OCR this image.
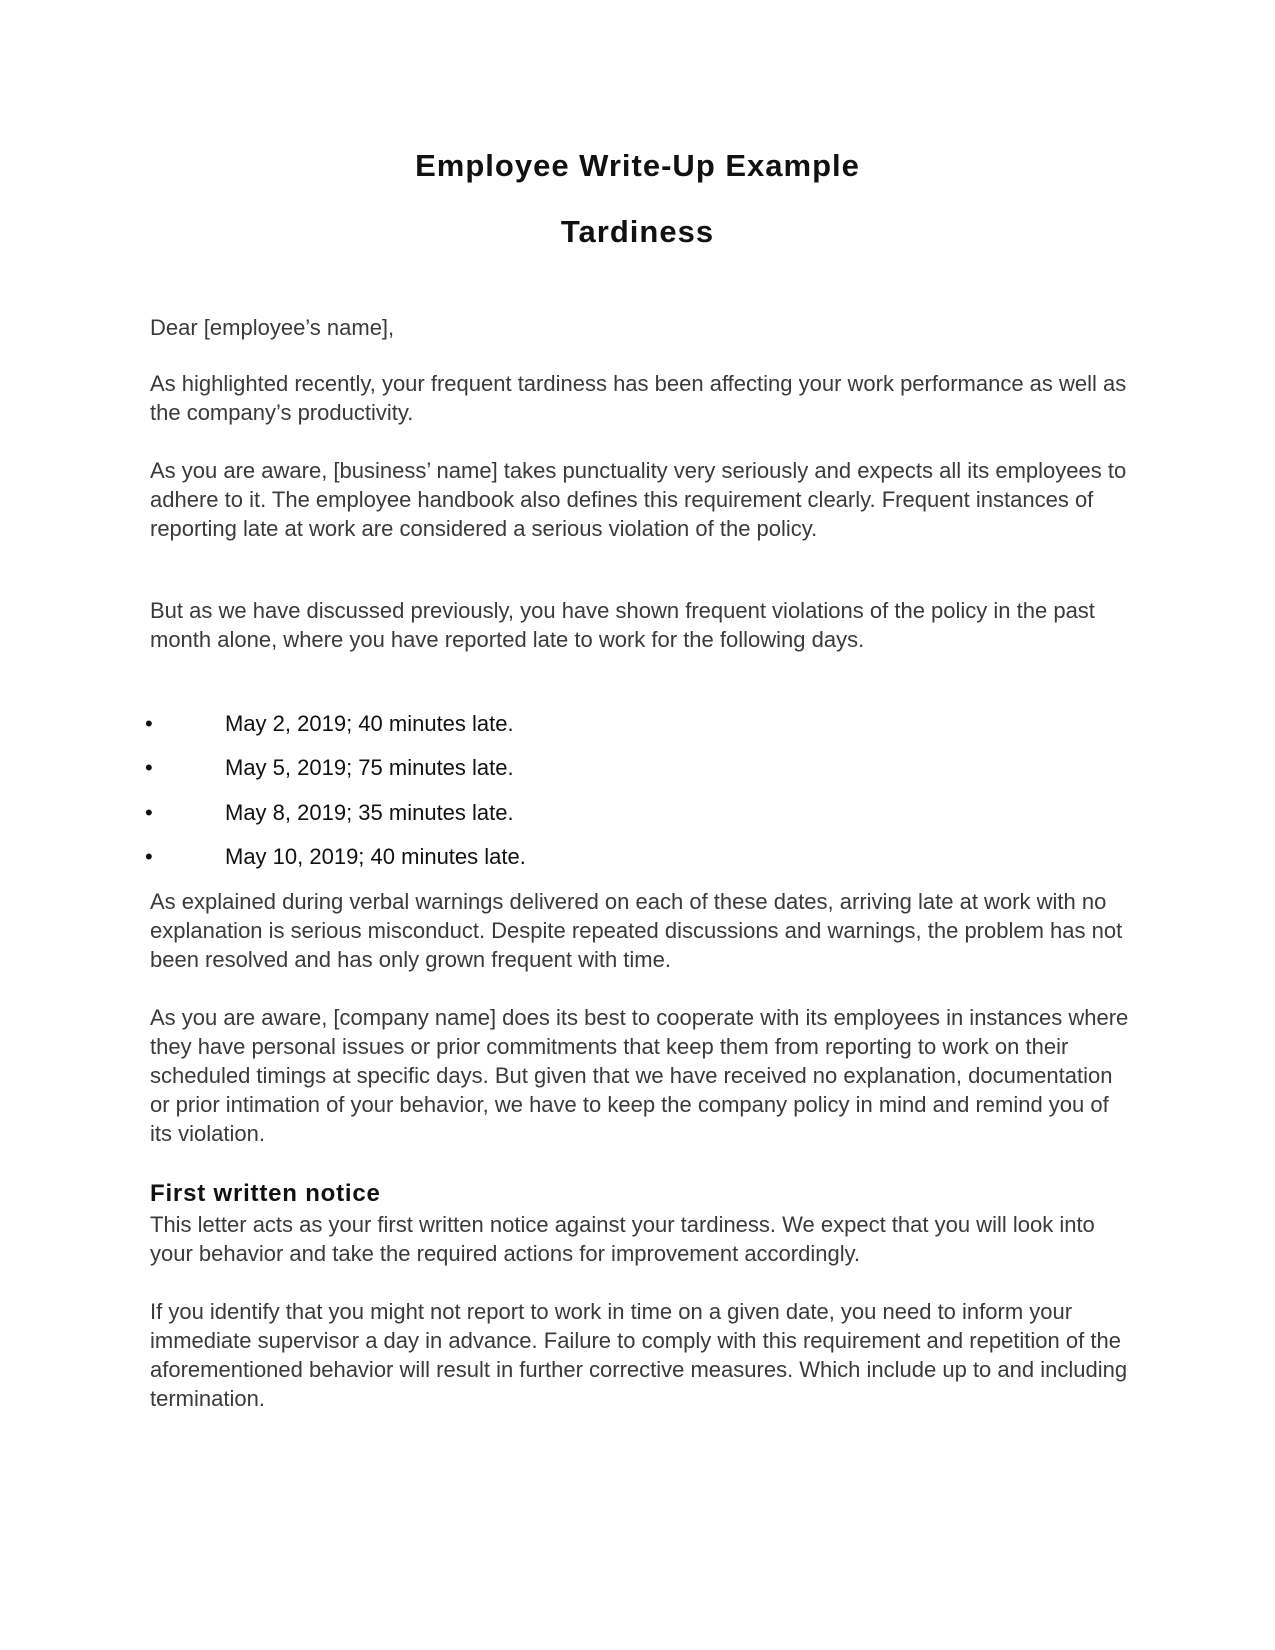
Employee Write-Up Example
Tardiness

Dear [employee’s name],

As highlighted recently, your frequent tardiness has been affecting your work performance as well as the company’s productivity.

As you are aware, [business’ name] takes punctuality very seriously and expects all its employees to adhere to it. The employee handbook also defines this requirement clearly. Frequent instances of reporting late at work are considered a serious violation of the policy.

But as we have discussed previously, you have shown frequent violations of the policy in the past month alone, where you have reported late to work for the following days.

•	May 2, 2019; 40 minutes late.
•	May 5, 2019; 75 minutes late.
•	May 8, 2019; 35 minutes late.
•	May 10, 2019; 40 minutes late.

As explained during verbal warnings delivered on each of these dates, arriving late at work with no explanation is serious misconduct. Despite repeated discussions and warnings, the problem has not been resolved and has only grown frequent with time.

As you are aware, [company name] does its best to cooperate with its employees in instances where they have personal issues or prior commitments that keep them from reporting to work on their scheduled timings at specific days. But given that we have received no explanation, documentation or prior intimation of your behavior, we have to keep the company policy in mind and remind you of its violation.

First written notice

This letter acts as your first written notice against your tardiness. We expect that you will look into your behavior and take the required actions for improvement accordingly.

If you identify that you might not report to work in time on a given date, you need to inform your immediate supervisor a day in advance. Failure to comply with this requirement and repetition of the aforementioned behavior will result in further corrective measures. Which include up to and including termination.
